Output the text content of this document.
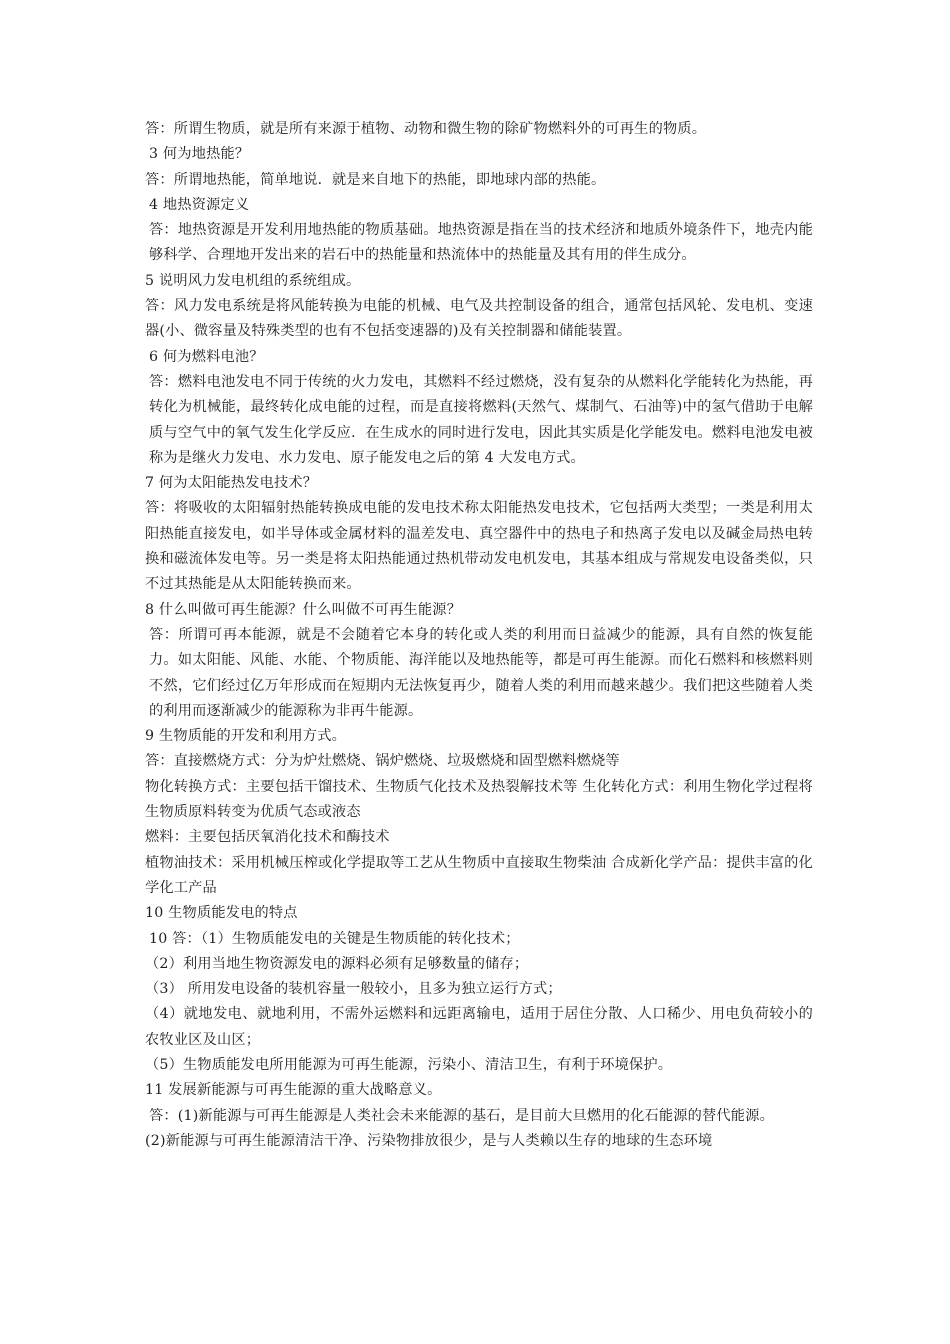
答：所谓生物质，就是所有来源于植物、动物和微生物的除矿物燃料外的可再生的物质。

3 何为地热能？

答：所谓地热能，简单地说．就是来自地下的热能，即地球内部的热能。

4 地热资源定义

答：地热资源是开发利用地热能的物质基础。地热资源是指在当的技术经济和地质外境条件下，地壳内能够科学、合理地开发出来的岩石中的热能量和热流体中的热能量及其有用的伴生成分。

5 说明风力发电机组的系统组成。

答：风力发电系统是将风能转换为电能的机械、电气及共控制设备的组合，通常包括风轮、发电机、变速器(小、微容量及特殊类型的也有不包括变速器的)及有关控制器和储能装置。

6 何为燃料电池？

答：燃料电池发电不同于传统的火力发电，其燃料不经过燃烧，没有复杂的从燃料化学能转化为热能，再转化为机械能，最终转化成电能的过程，而是直接将燃料(天然气、煤制气、石油等)中的氢气借助于电解质与空气中的氧气发生化学反应．在生成水的同时进行发电，因此其实质是化学能发电。燃料电池发电被称为是继火力发电、水力发电、原子能发电之后的第 4 大发电方式。

7 何为太阳能热发电技术？

答：将吸收的太阳辐射热能转换成电能的发电技术称太阳能热发电技术，它包括两大类型；一类是利用太阳热能直接发电，如半导体或金属材料的温差发电、真空器件中的热电子和热离子发电以及碱金局热电转换和磁流体发电等。另一类是将太阳热能通过热机带动发电机发电，其基本组成与常规发电设备类似，只不过其热能是从太阳能转换而来。

8 什么叫做可再生能源？什么叫做不可再生能源？

答：所谓可再本能源，就是不会随着它本身的转化或人类的利用而日益减少的能源，具有自然的恢复能力。如太阳能、风能、水能、个物质能、海洋能以及地热能等，都是可再生能源。而化石燃料和核燃料则不然，它们经过亿万年形成而在短期内无法恢复再少，随着人类的利用而越来越少。我们把这些随着人类的利用而逐渐减少的能源称为非再牛能源。

9 生物质能的开发和利用方式。

答：直接燃烧方式：分为炉灶燃烧、锅炉燃烧、垃圾燃烧和固型燃料燃烧等

物化转换方式：主要包括干馏技术、生物质气化技术及热裂解技术等 生化转化方式：利用生物化学过程将生物质原料转变为优质气态或液态

燃料：主要包括厌氧消化技术和酶技术

植物油技术：采用机械压榨或化学提取等工艺从生物质中直接取生物柴油 合成新化学产品：提供丰富的化学化工产品

10 生物质能发电的特点

10 答：（1）生物质能发电的关键是生物质能的转化技术；

（2）利用当地生物资源发电的源料必须有足够数量的储存；

（3） 所用发电设备的装机容量一般较小，且多为独立运行方式；

（4）就地发电、就地利用，不需外运燃料和远距离输电，适用于居住分散、人口稀少、用电负荷较小的农牧业区及山区；

（5）生物质能发电所用能源为可再生能源，污染小、清洁卫生，有利于环境保护。

11 发展新能源与可再生能源的重大战略意义。

答：(1)新能源与可再生能源是人类社会未来能源的基石，是目前大旦燃用的化石能源的替代能源。

(2)新能源与可再生能源清洁干净、污染物排放很少，是与人类赖以生存的地球的生态环境
